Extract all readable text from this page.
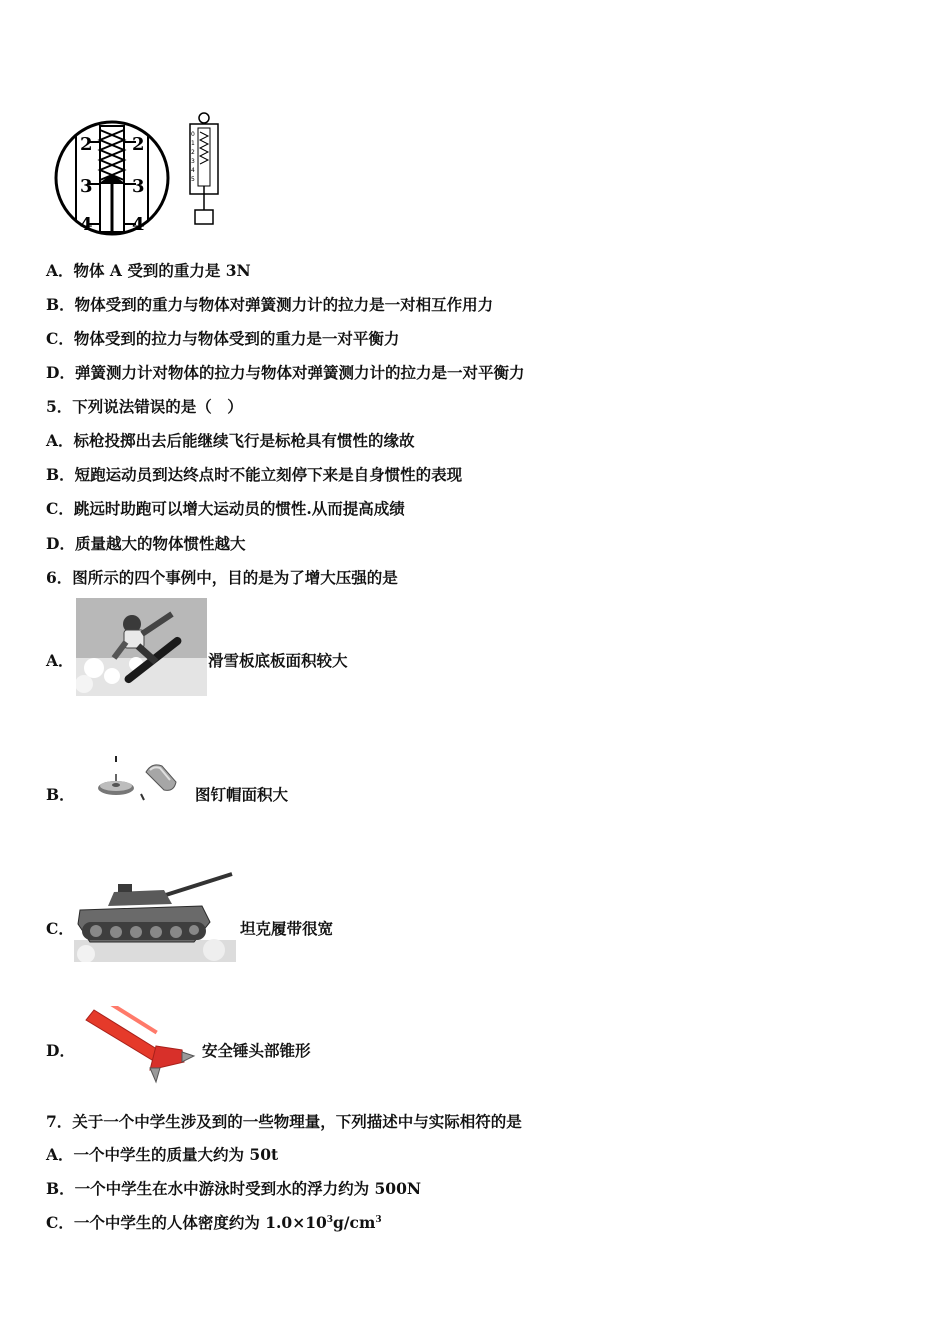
2
3
4
2
3
4
0
1
2
3
4
5
A．物体 A 受到的重力是 3N
B．物体受到的重力与物体对弹簧测力计的拉力是一对相互作用力
C．物体受到的拉力与物体受到的重力是一对平衡力
D．弹簧测力计对物体的拉力与物体对弹簧测力计的拉力是一对平衡力
5．下列说法错误的是（　）
A．标枪投掷出去后能继续飞行是标枪具有惯性的缘故
B．短跑运动员到达终点时不能立刻停下来是自身惯性的表现
C．跳远时助跑可以增大运动员的惯性.从而提高成绩
D．质量越大的物体惯性越大
6．图所示的四个事例中，目的是为了增大压强的是
A．	滑雪板底板面积较大
B．	图钉帽面积大
C．	坦克履带很宽
D．	安全锤头部锥形
7．关于一个中学生涉及到的一些物理量，下列描述中与实际相符的是
A．一个中学生的质量大约为 50t
B．一个中学生在水中游泳时受到水的浮力约为 500N
C．一个中学生的人体密度约为 $1.0\times 10^3g/cm^3$
